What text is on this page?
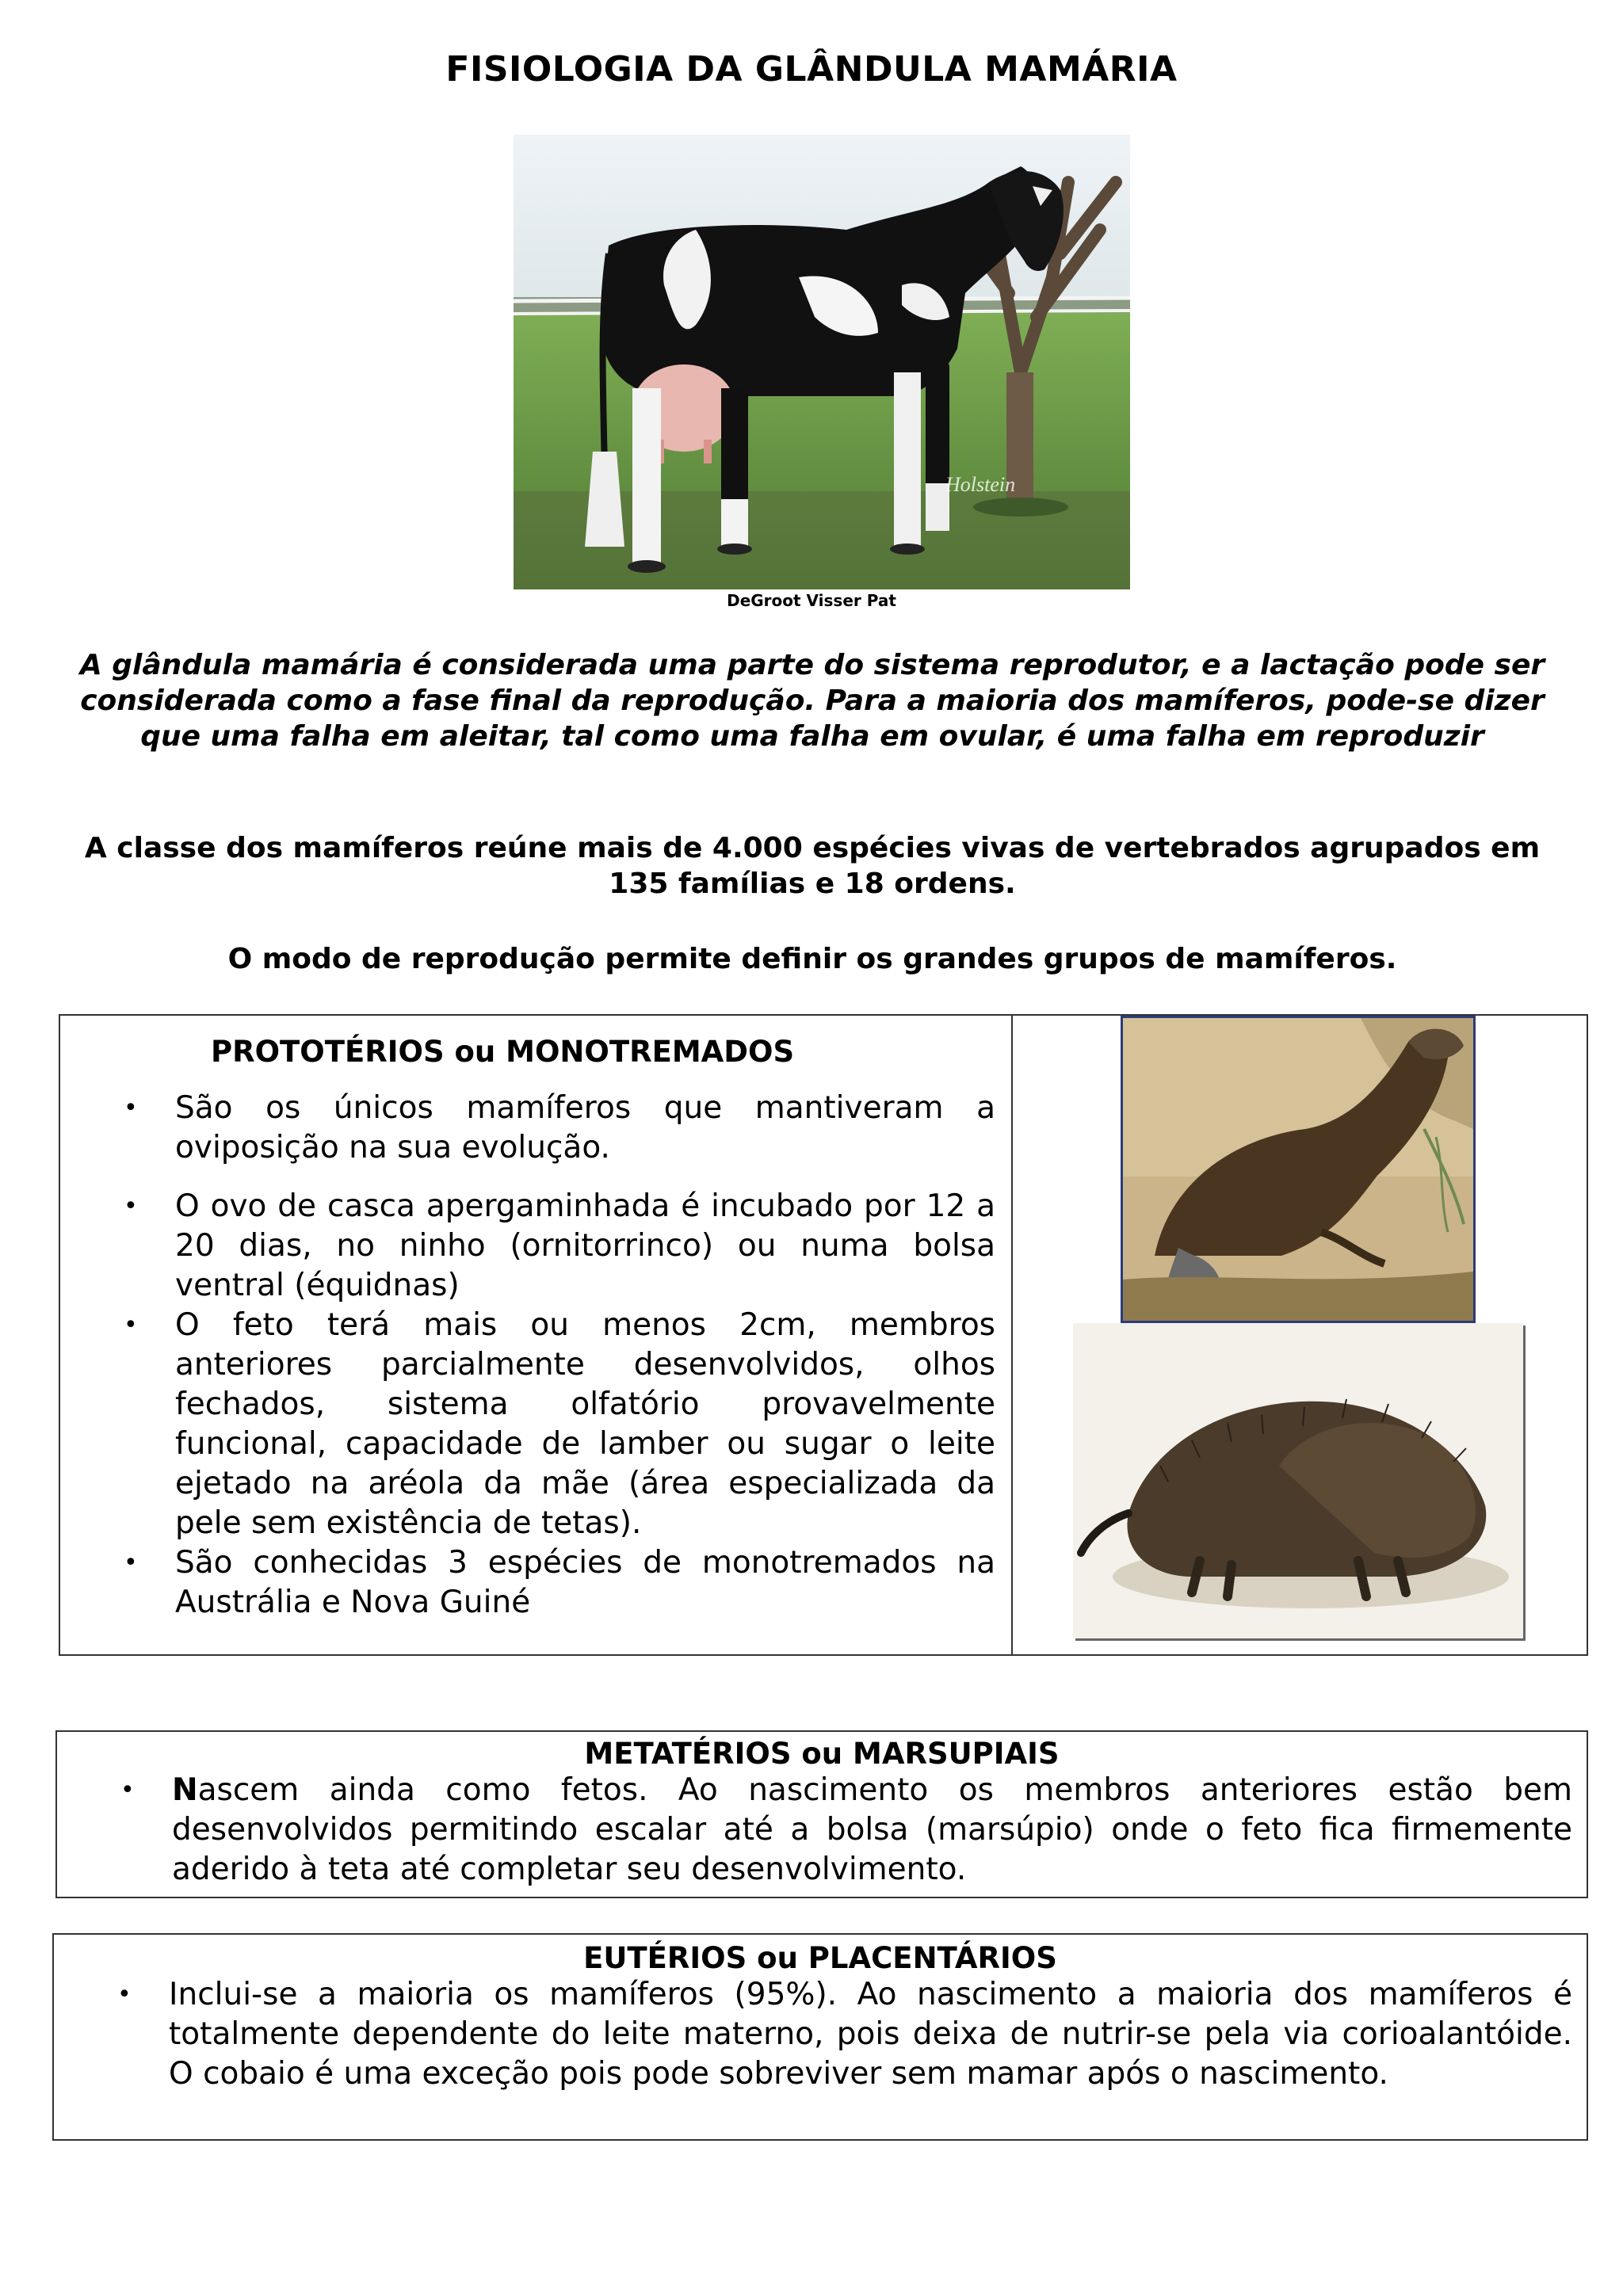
FISIOLOGIA DA GLÂNDULA MAMÁRIA
Holstein
DeGroot Visser Pat

A glândula mamária é considerada uma parte do sistema reprodutor, e a lactação pode ser considerada como a fase final da reprodução. Para a maioria dos mamíferos, pode-se dizer que uma falha em aleitar, tal como uma falha em ovular, é uma falha em reproduzir

A classe dos mamíferos reúne mais de 4.000 espécies vivas de vertebrados agrupados em 135 famílias e 18 ordens.

O modo de reprodução permite definir os grandes grupos de mamíferos.

PROTOTÉRIOS ou MONOTREMADOS
• São os únicos mamíferos que mantiveram a oviposição na sua evolução.
• O ovo de casca apergaminhada é incubado por 12 a 20 dias, no ninho (ornitorrinco) ou numa bolsa ventral (équidnas)
• O feto terá mais ou menos 2cm, membros anteriores parcialmente desenvolvidos, olhos fechados, sistema olfatório provavelmente funcional, capacidade de lamber ou sugar o leite ejetado na aréola da mãe (área especializada da pele sem existência de tetas).
• São conhecidas 3 espécies de monotremados na Austrália e Nova Guiné
METATÉRIOS ou MARSUPIAIS
• Nascem ainda como fetos. Ao nascimento os membros anteriores estão bem desenvolvidos permitindo escalar até a bolsa (marsúpio) onde o feto fica firmemente aderido à teta até completar seu desenvolvimento.
EUTÉRIOS ou PLACENTÁRIOS
• Inclui-se a maioria os mamíferos (95%). Ao nascimento a maioria dos mamíferos é totalmente dependente do leite materno, pois deixa de nutrir-se pela via corioalantóide. O cobaio é uma exceção pois pode sobreviver sem mamar após o nascimento.
